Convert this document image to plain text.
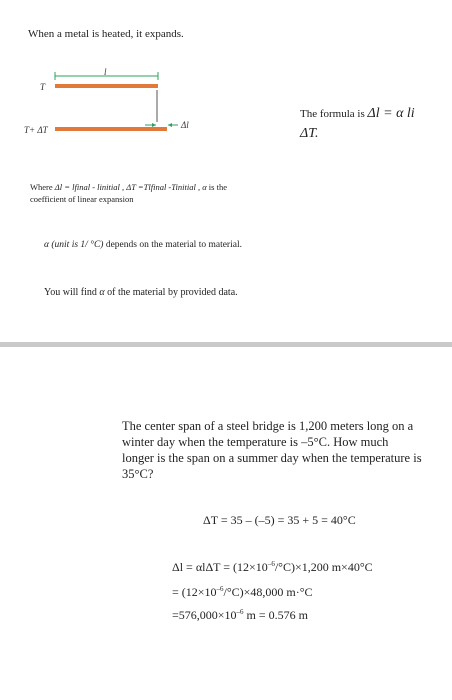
When a metal is heated, it expands.
T
T+ ΔT
l
Δl
The formula is Δl = α li
ΔT.
Where Δl = lfinal - linitial , ΔT =Tlfinal -Tinitial , α is the
coefficient of linear expansion
α (unit is 1/ °C) depends on the material to material.
You will find α of the material by provided data.
The center span of a steel bridge is 1,200 meters long on a winter day when the temperature is –5°C. How much longer is the span on a summer day when the temperature is 35°C?
ΔT = 35 – (–5) = 35 + 5 = 40°C
$\Delta l = \alpha l\Delta T = (12\times 10^{-6}/^\circ C)\times 1,200$ m×40°C
= $(12\times 10^{-6}/^\circ C)\times 48,000$ m·°C
$=576,000\times 10^{-6}$ m = 0.576 m
